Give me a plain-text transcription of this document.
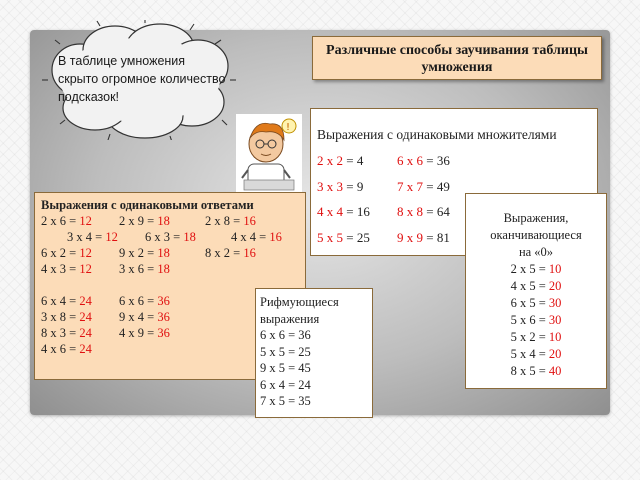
В таблице умножения скрыто огромное количество подсказок!
Различные способы заучивания таблицы умножения
! Выражения с одинаковыми множителями
2 х 2 = 4	6 х 6 = 36
3 х 3 = 9	7 х 7 = 49
4 х 4 = 16 8 х 8 = 64
5 х 5 = 25 9 х 9 = 81
Выражения с одинаковыми ответами
2 х 6 = 12 2 х 9 = 18	2 х 8 = 16
3 х 4 = 12 6 х 3 = 18	4 х 4 = 16
6 х 2 = 12 9 х 2 = 18	8 х 2 = 16
4 х 3 = 12 3 х 6 = 18
6 х 4 = 24 6 х 6 = 36
3 х 8 = 24 9 х 4 = 36
8 х 3 = 24 4 х 9 = 36
4 х 6 = 24
Выражения,
оканчивающиеся
на «0»
2 х 5 = 10
4 х 5 = 20
6 х 5 = 30
5 х 6 = 30
5 х 2 = 10
5 х 4 = 20
8 х 5 = 40
Рифмующиеся
выражения
6 х 6 = 36
5 х 5 = 25
9 х 5 = 45
6 х 4 = 24
7 х 5 = 35
